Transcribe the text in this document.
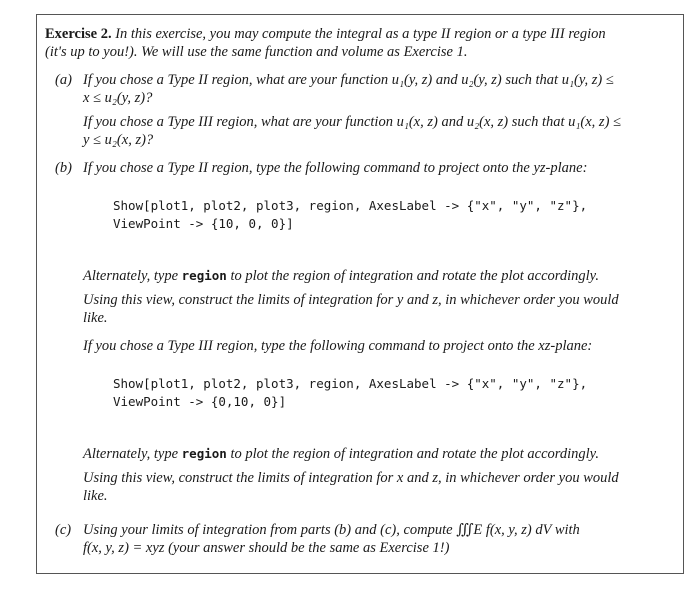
Exercise 2. In this exercise, you may compute the integral as a type II region or a type III region
(it's up to you!). We will use the same function and volume as Exercise 1.
(a) If you chose a Type II region, what are your function u₁(y, z) and u₂(y, z) such that u₁(y, z) ≤
x ≤ u₂(y, z)?
If you chose a Type III region, what are your function u₁(x, z) and u₂(x, z) such that u₁(x, z) ≤
y ≤ u₂(x, z)?
(b) If you chose a Type II region, type the following command to project onto the yz-plane:
Show[plot1, plot2, plot3, region, AxesLabel -> {"x", "y", "z"},
ViewPoint -> {10, 0, 0}]
Alternately, type region to plot the region of integration and rotate the plot accordingly.
Using this view, construct the limits of integration for y and z, in whichever order you would
like.
If you chose a Type III region, type the following command to project onto the xz-plane:
Show[plot1, plot2, plot3, region, AxesLabel -> {"x", "y", "z"},
ViewPoint -> {0,10, 0}]
Alternately, type region to plot the region of integration and rotate the plot accordingly.
Using this view, construct the limits of integration for x and z, in whichever order you would
like.
(c) Using your limits of integration from parts (b) and (c), compute ∭E f(x, y, z) dV with
f(x, y, z) = xyz (your answer should be the same as Exercise 1!)
